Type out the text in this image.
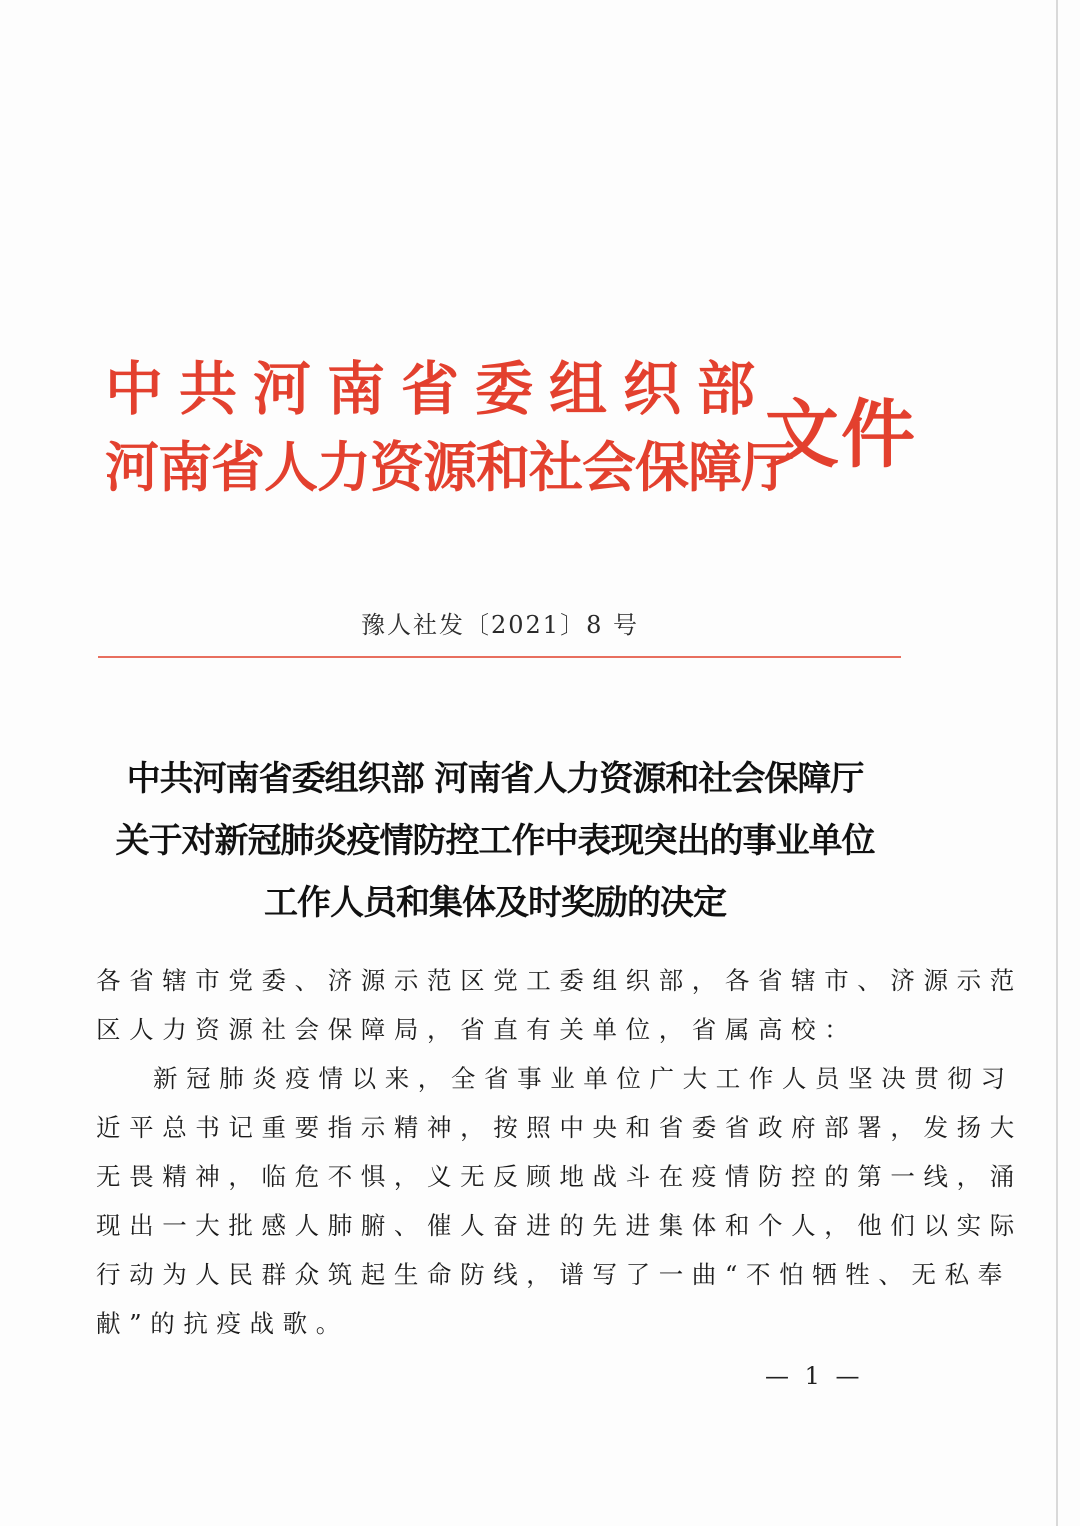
中共河南省委组织部
河南省人力资源和社会保障厅
文件
豫人社发〔2021〕8 号
中共河南省委组织部 河南省人力资源和社会保障厅
关于对新冠肺炎疫情防控工作中表现突出的事业单位
工作人员和集体及时奖励的决定
各省辖市党委、济源示范区党工委组织部，各省辖市、济源示范
区人力资源社会保障局，省直有关单位，省属高校：
新冠肺炎疫情以来，全省事业单位广大工作人员坚决贯彻习
近平总书记重要指示精神，按照中央和省委省政府部署，发扬大
无畏精神，临危不惧，义无反顾地战斗在疫情防控的第一线，涌
现出一大批感人肺腑、催人奋进的先进集体和个人，他们以实际
行动为人民群众筑起生命防线，谱写了一曲“不怕牺牲、无私奉
献”的抗疫战歌。
— 1 —
